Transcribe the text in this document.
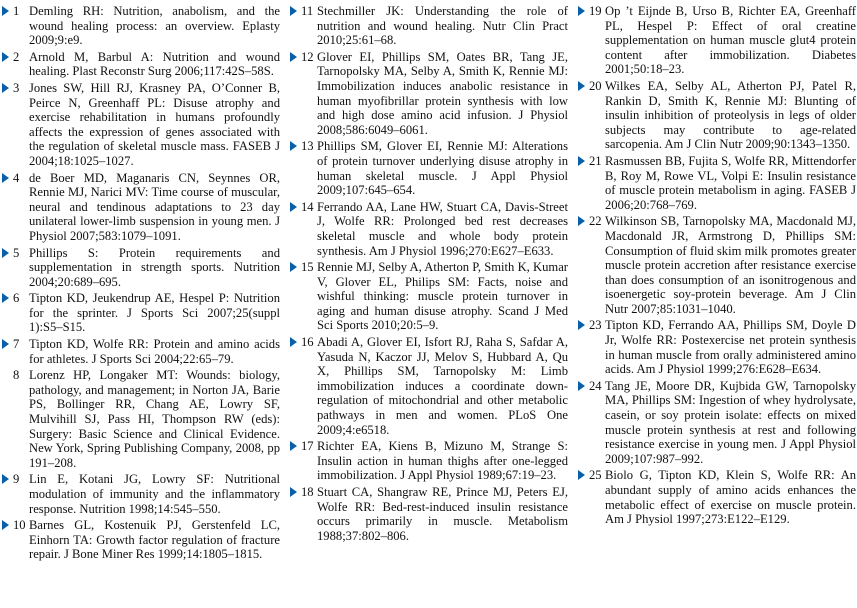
1 Demling RH: Nutrition, anabolism, and the wound healing process: an overview. Eplasty 2009;9:e9.
2 Arnold M, Barbul A: Nutrition and wound healing. Plast Reconstr Surg 2006;117:42S–58S.
3 Jones SW, Hill RJ, Krasney PA, O’Conner B, Peirce N, Greenhaff PL: Disuse atrophy and exercise rehabilitation in humans profoundly affects the expression of genes associated with the regulation of skeletal muscle mass. FASEB J 2004;18:1025–1027.
4 de Boer MD, Maganaris CN, Seynnes OR, Rennie MJ, Narici MV: Time course of muscular, neural and tendinous adaptations to 23 day unilateral lower-limb suspension in young men. J Physiol 2007;583:1079–1091.
5 Phillips S: Protein requirements and supplementation in strength sports. Nutrition 2004;20:689–695.
6 Tipton KD, Jeukendrup AE, Hespel P: Nutrition for the sprinter. J Sports Sci 2007;25(suppl 1):S5–S15.
7 Tipton KD, Wolfe RR: Protein and amino acids for athletes. J Sports Sci 2004;22:65–79.
8 Lorenz HP, Longaker MT: Wounds: biology, pathology, and management; in Norton JA, Barie PS, Bollinger RR, Chang AE, Lowry SF, Mulvihill SJ, Pass HI, Thompson RW (eds): Surgery: Basic Science and Clinical Evidence. New York, Spring Publishing Company, 2008, pp 191–208.
9 Lin E, Kotani JG, Lowry SF: Nutritional modulation of immunity and the inflammatory response. Nutrition 1998;14:545–550.
10 Barnes GL, Kostenuik PJ, Gerstenfeld LC, Einhorn TA: Growth factor regulation of fracture repair. J Bone Miner Res 1999;14:1805–1815.
11 Stechmiller JK: Understanding the role of nutrition and wound healing. Nutr Clin Pract 2010;25:61–68.
12 Glover EI, Phillips SM, Oates BR, Tang JE, Tarnopolsky MA, Selby A, Smith K, Rennie MJ: Immobilization induces anabolic resistance in human myofibrillar protein synthesis with low and high dose amino acid infusion. J Physiol 2008;586:6049–6061.
13 Phillips SM, Glover EI, Rennie MJ: Alterations of protein turnover underlying disuse atrophy in human skeletal muscle. J Appl Physiol 2009;107:645–654.
14 Ferrando AA, Lane HW, Stuart CA, Davis-Street J, Wolfe RR: Prolonged bed rest decreases skeletal muscle and whole body protein synthesis. Am J Physiol 1996;270:E627–E633.
15 Rennie MJ, Selby A, Atherton P, Smith K, Kumar V, Glover EL, Philips SM: Facts, noise and wishful thinking: muscle protein turnover in aging and human disuse atrophy. Scand J Med Sci Sports 2010;20:5–9.
16 Abadi A, Glover EI, Isfort RJ, Raha S, Safdar A, Yasuda N, Kaczor JJ, Melov S, Hubbard A, Qu X, Phillips SM, Tarnopolsky M: Limb immobilization induces a coordinate down-regulation of mitochondrial and other metabolic pathways in men and women. PLoS One 2009;4:e6518.
17 Richter EA, Kiens B, Mizuno M, Strange S: Insulin action in human thighs after one-legged immobilization. J Appl Physiol 1989;67:19–23.
18 Stuart CA, Shangraw RE, Prince MJ, Peters EJ, Wolfe RR: Bed-rest-induced insulin resistance occurs primarily in muscle. Metabolism 1988;37:802–806.
19 Op ’t Eijnde B, Urso B, Richter EA, Greenhaff PL, Hespel P: Effect of oral creatine supplementation on human muscle glut4 protein content after immobilization. Diabetes 2001;50:18–23.
20 Wilkes EA, Selby AL, Atherton PJ, Patel R, Rankin D, Smith K, Rennie MJ: Blunting of insulin inhibition of proteolysis in legs of older subjects may contribute to age-related sarcopenia. Am J Clin Nutr 2009;90:1343–1350.
21 Rasmussen BB, Fujita S, Wolfe RR, Mittendorfer B, Roy M, Rowe VL, Volpi E: Insulin resistance of muscle protein metabolism in aging. FASEB J 2006;20:768–769.
22 Wilkinson SB, Tarnopolsky MA, Macdonald MJ, Macdonald JR, Armstrong D, Phillips SM: Consumption of fluid skim milk promotes greater muscle protein accretion after resistance exercise than does consumption of an isonitrogenous and isoenergetic soy-protein beverage. Am J Clin Nutr 2007;85:1031–1040.
23 Tipton KD, Ferrando AA, Phillips SM, Doyle D Jr, Wolfe RR: Postexercise net protein synthesis in human muscle from orally administered amino acids. Am J Physiol 1999;276:E628–E634.
24 Tang JE, Moore DR, Kujbida GW, Tarnopolsky MA, Phillips SM: Ingestion of whey hydrolysate, casein, or soy protein isolate: effects on mixed muscle protein synthesis at rest and following resistance exercise in young men. J Appl Physiol 2009;107:987–992.
25 Biolo G, Tipton KD, Klein S, Wolfe RR: An abundant supply of amino acids enhances the metabolic effect of exercise on muscle protein. Am J Physiol 1997;273:E122–E129.
